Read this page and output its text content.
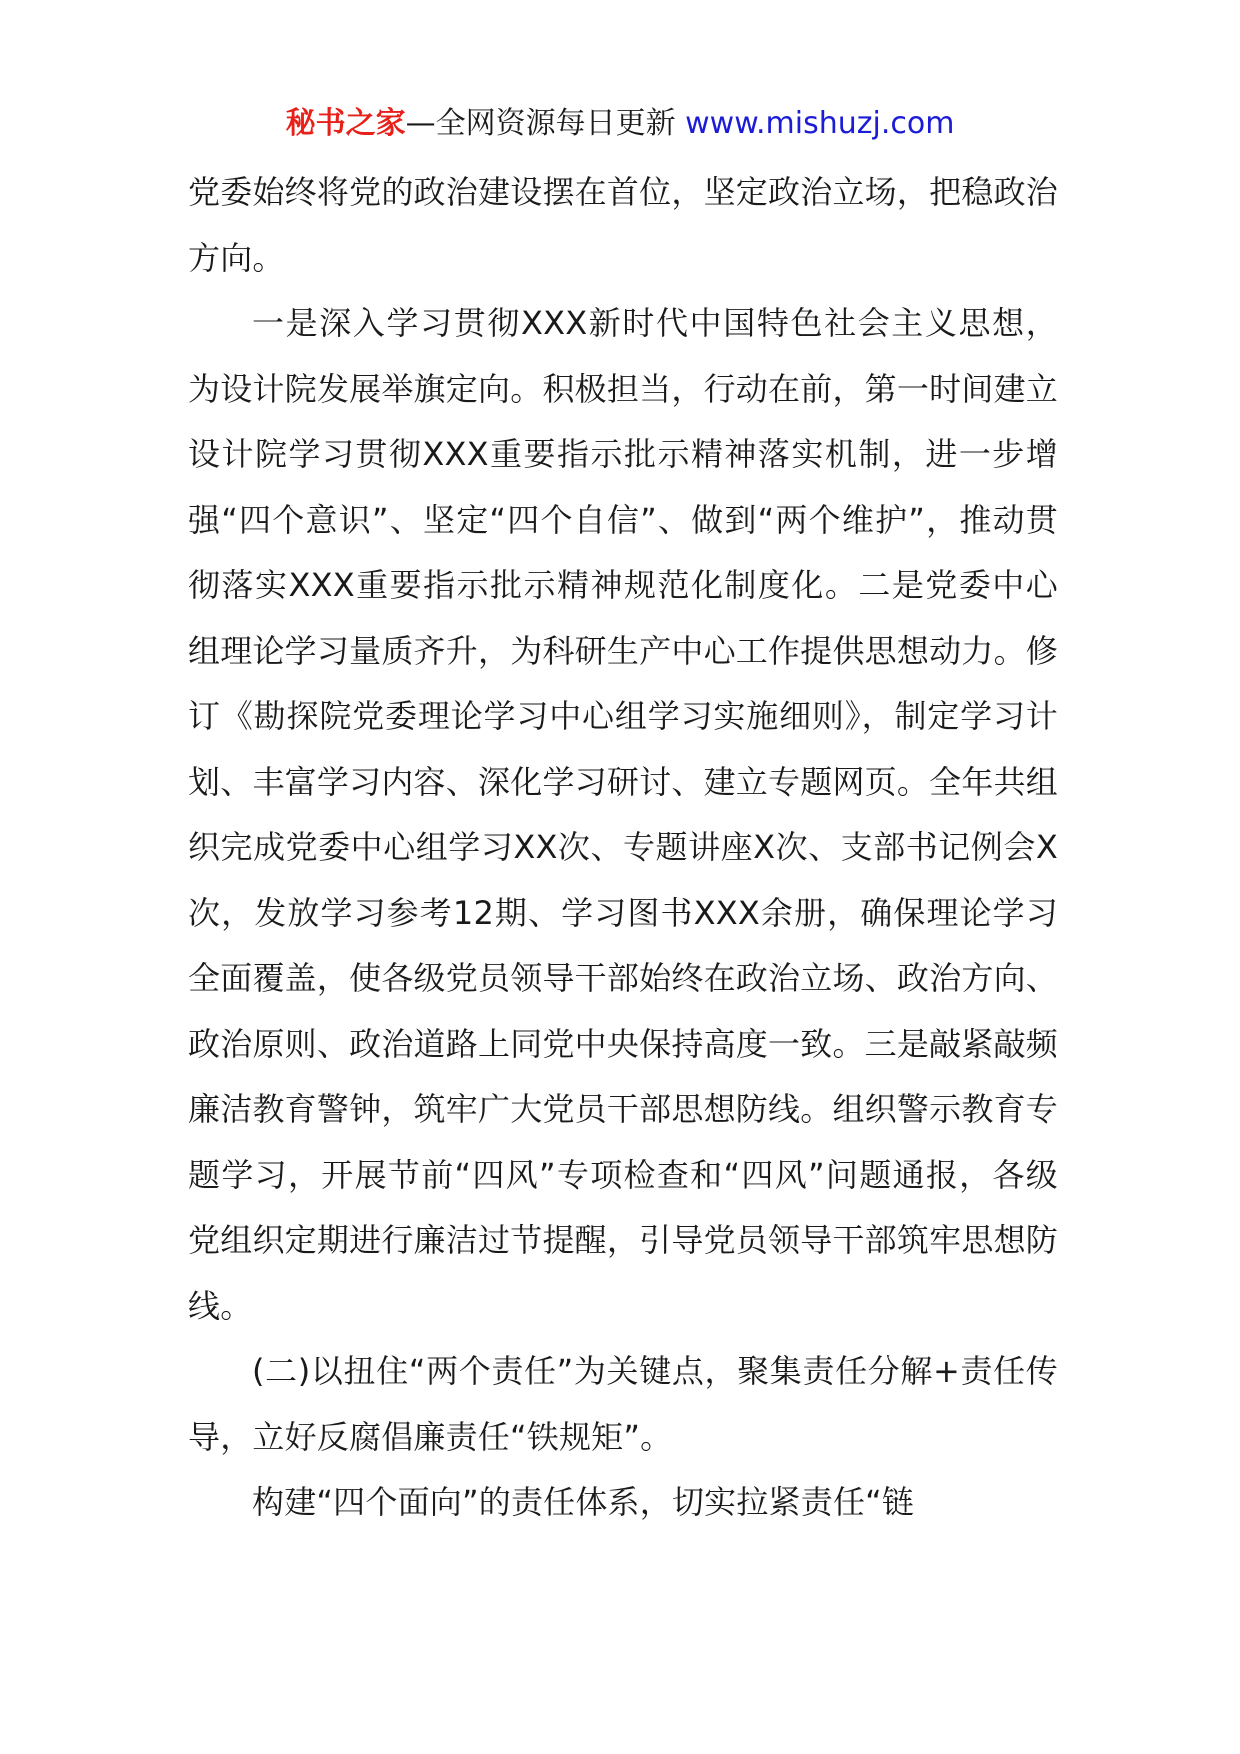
秘书之家—全网资源每日更新 www.mishuzj.com

党委始终将党的政治建设摆在首位，坚定政治立场，把稳政治方向。

一是深入学习贯彻XXX新时代中国特色社会主义思想，为设计院发展举旗定向。积极担当，行动在前，第一时间建立设计院学习贯彻XXX重要指示批示精神落实机制，进一步增强“四个意识”、坚定“四个自信”、做到“两个维护”，推动贯彻落实XXX重要指示批示精神规范化制度化。二是党委中心组理论学习量质齐升，为科研生产中心工作提供思想动力。修订《勘探院党委理论学习中心组学习实施细则》，制定学习计划、丰富学习内容、深化学习研讨、建立专题网页。全年共组织完成党委中心组学习XX次、专题讲座X次、支部书记例会X次，发放学习参考12期、学习图书XXX余册，确保理论学习全面覆盖，使各级党员领导干部始终在政治立场、政治方向、政治原则、政治道路上同党中央保持高度一致。三是敲紧敲频廉洁教育警钟，筑牢广大党员干部思想防线。组织警示教育专题学习，开展节前“四风”专项检查和“四风”问题通报，各级党组织定期进行廉洁过节提醒，引导党员领导干部筑牢思想防线。

(二)以扭住“两个责任”为关键点，聚集责任分解+责任传导，立好反腐倡廉责任“铁规矩”。

构建“四个面向”的责任体系，切实拉紧责任“链
